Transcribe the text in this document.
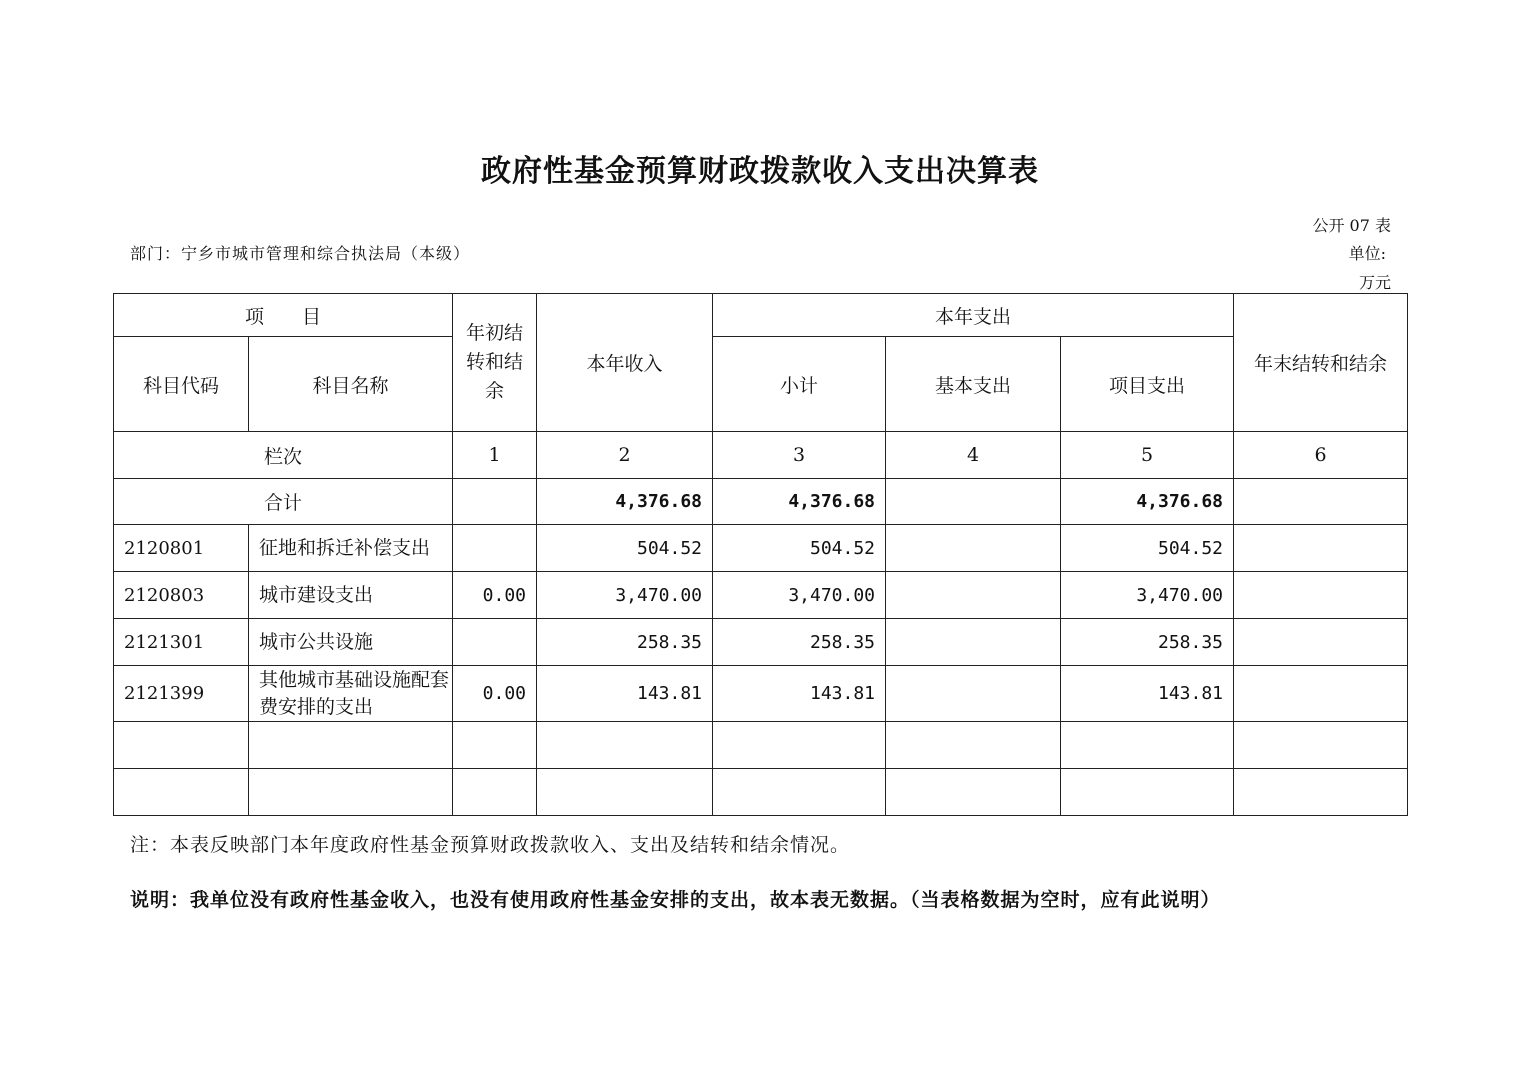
政府性基金预算财政拨款收入支出决算表
公开 07 表
部门：宁乡市城市管理和综合执法局（本级）	单位:
万元
项　　目		年初结转和结余	本年收入	本年支出			年末结转和结余
科目代码	科目名称			小计	基本支出	项目支出	
栏次		1	2	3	4	5	6
合计			4,376.68	4,376.68		4,376.68	
2120801	征地和拆迁补偿支出		504.52	504.52		504.52	
2120803	城市建设支出	0.00	3,470.00	3,470.00		3,470.00	
2121301	城市公共设施		258.35	258.35		258.35	
2121399	其他城市基础设施配套费安排的支出	0.00	143.81	143.81		143.81	

注：本表反映部门本年度政府性基金预算财政拨款收入、支出及结转和结余情况。
说明：我单位没有政府性基金收入，也没有使用政府性基金安排的支出，故本表无数据。（当表格数据为空时，应有此说明）
